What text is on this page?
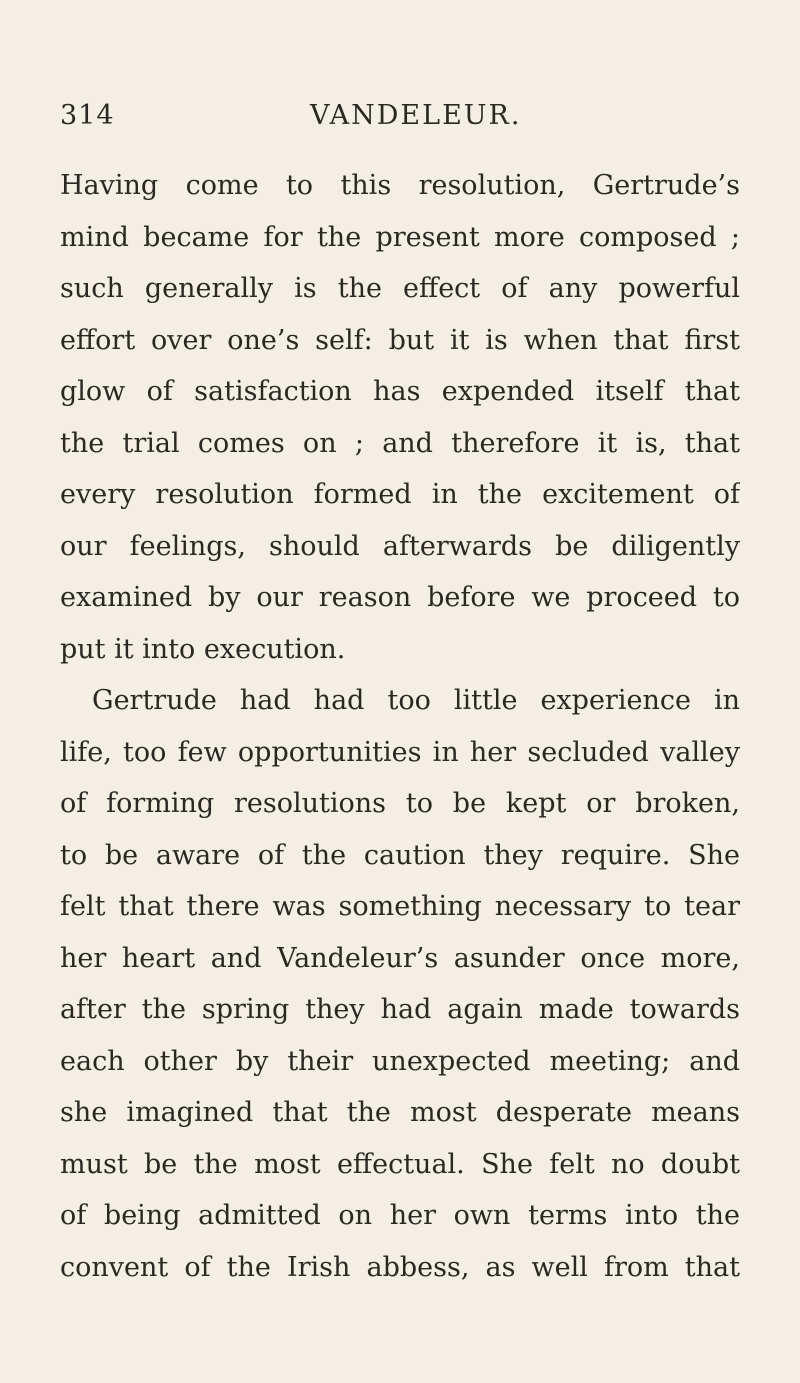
314	VANDELEUR.
Having come to this resolution, Gertrude’s
mind became for the present more composed ;
such generally is the effect of any powerful
effort over one’s self: but it is when that first
glow of satisfaction has expended itself that
the trial comes on ; and therefore it is, that
every resolution formed in the excitement of
our feelings, should afterwards be diligently
examined by our reason before we proceed to
put it into execution.
Gertrude had had too little experience in
life, too few opportunities in her secluded valley
of forming resolutions to be kept or broken,
to be aware of the caution they require. She
felt that there was something necessary to tear
her heart and Vandeleur’s asunder once more,
after the spring they had again made towards
each other by their unexpected meeting; and
she imagined that the most desperate means
must be the most effectual. She felt no doubt
of being admitted on her own terms into the
convent of the Irish abbess, as well from that
